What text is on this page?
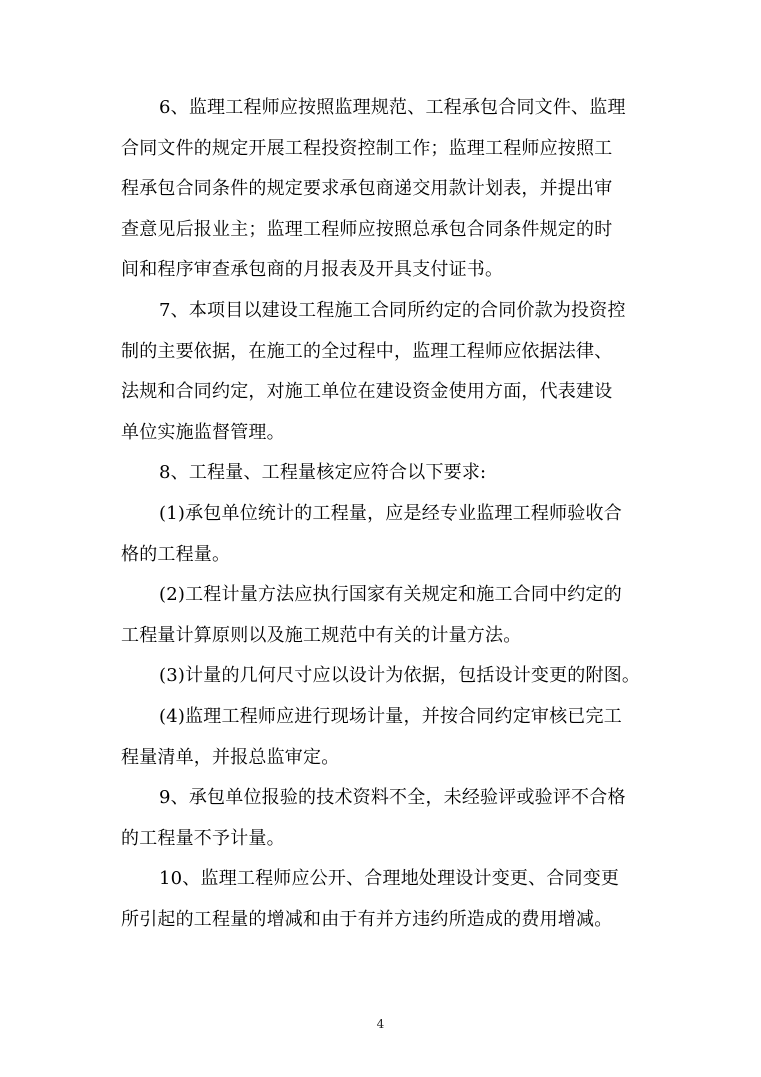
6、监理工程师应按照监理规范、工程承包合同文件、监理
合同文件的规定开展工程投资控制工作；监理工程师应按照工
程承包合同条件的规定要求承包商递交用款计划表，并提出审
查意见后报业主；监理工程师应按照总承包合同条件规定的时
间和程序审查承包商的月报表及开具支付证书。

7、本项目以建设工程施工合同所约定的合同价款为投资控
制的主要依据，在施工的全过程中，监理工程师应依据法律、
法规和合同约定，对施工单位在建设资金使用方面，代表建设
单位实施监督管理。

8、工程量、工程量核定应符合以下要求:

(1)承包单位统计的工程量，应是经专业监理工程师验收合
格的工程量。

(2)工程计量方法应执行国家有关规定和施工合同中约定的
工程量计算原则以及施工规范中有关的计量方法。

(3)计量的几何尺寸应以设计为依据，包括设计变更的附图。

(4)监理工程师应进行现场计量，并按合同约定审核已完工
程量清单，并报总监审定。

9、承包单位报验的技术资料不全，未经验评或验评不合格
的工程量不予计量。

10、监理工程师应公开、合理地处理设计变更、合同变更
所引起的工程量的增减和由于有并方违约所造成的费用增减。

4
